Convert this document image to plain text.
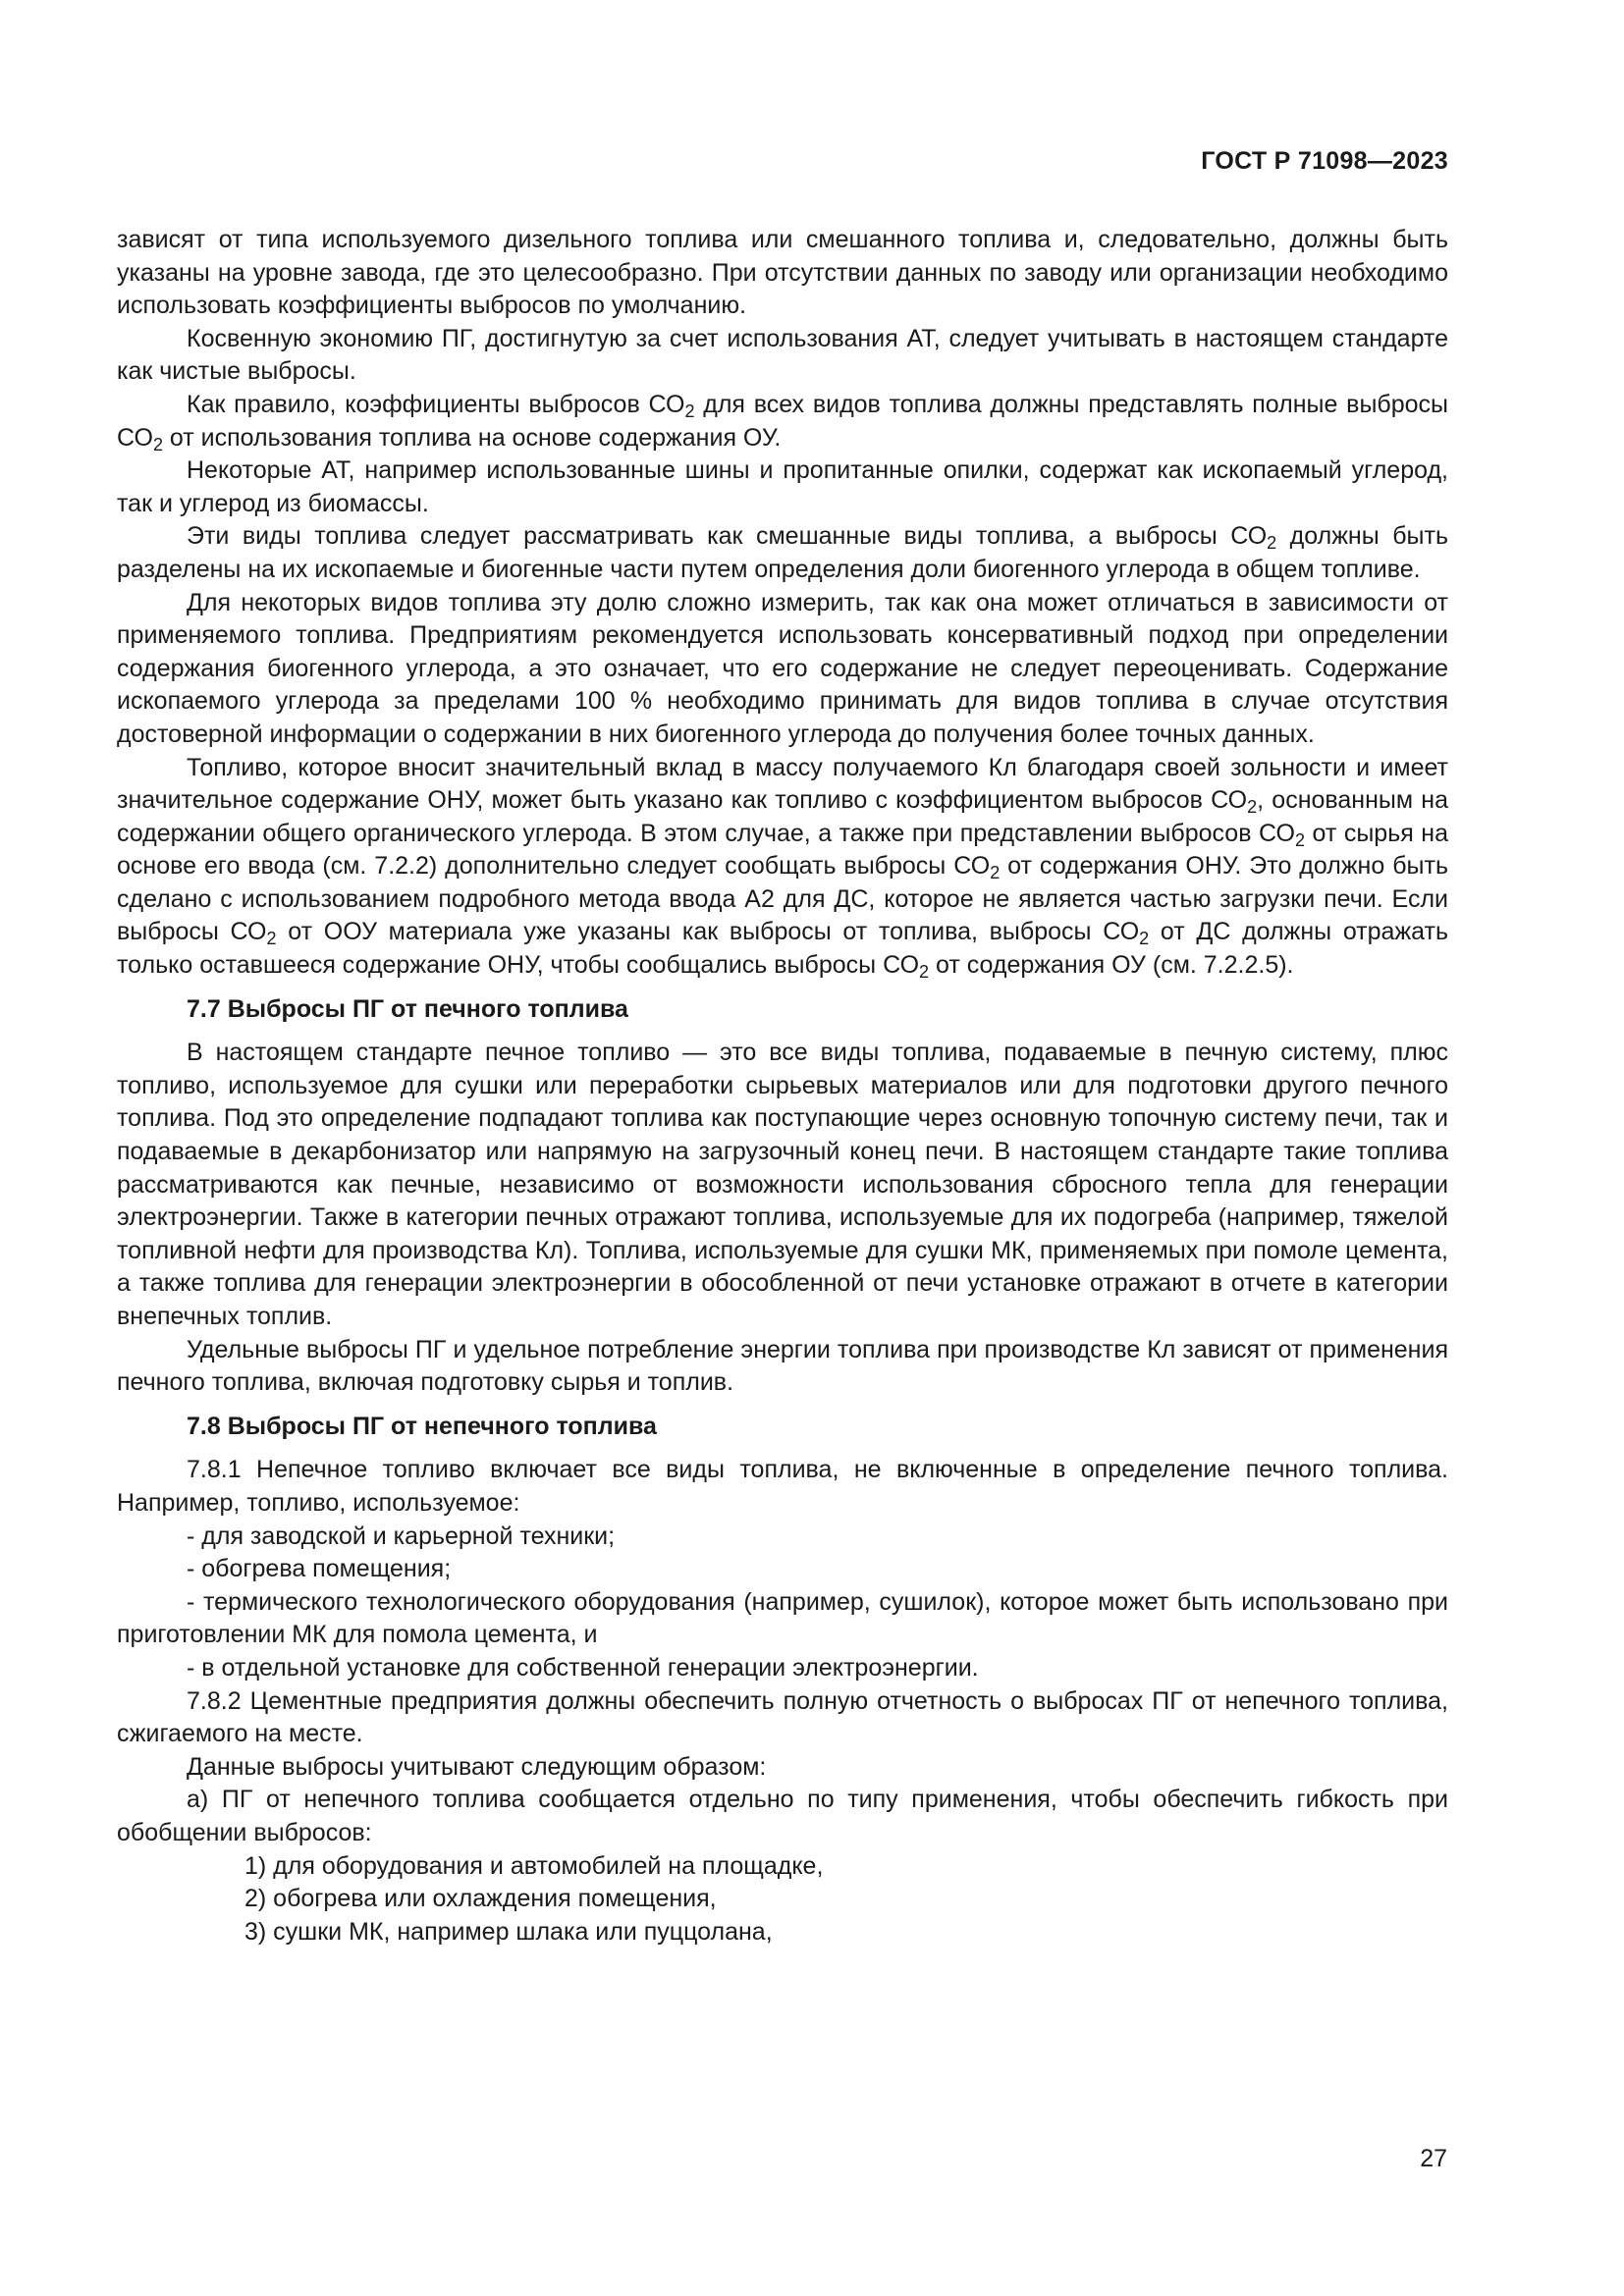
ГОСТ Р 71098—2023

зависят от типа используемого дизельного топлива или смешанного топлива и, следовательно, должны быть указаны на уровне завода, где это целесообразно. При отсутствии данных по заводу или организации необходимо использовать коэффициенты выбросов по умолчанию.

Косвенную экономию ПГ, достигнутую за счет использования АТ, следует учитывать в настоящем стандарте как чистые выбросы.

Как правило, коэффициенты выбросов $СО_2$ для всех видов топлива должны представлять полные выбросы $СО_2$ от использования топлива на основе содержания ОУ.

Некоторые АТ, например использованные шины и пропитанные опилки, содержат как ископаемый углерод, так и углерод из биомассы.

Эти виды топлива следует рассматривать как смешанные виды топлива, а выбросы $СО_2$ должны быть разделены на их ископаемые и биогенные части путем определения доли биогенного углерода в общем топливе.

Для некоторых видов топлива эту долю сложно измерить, так как она может отличаться в зависимости от применяемого топлива. Предприятиям рекомендуется использовать консервативный подход при определении содержания биогенного углерода, а это означает, что его содержание не следует переоценивать. Содержание ископаемого углерода за пределами 100 % необходимо принимать для видов топлива в случае отсутствия достоверной информации о содержании в них биогенного углерода до получения более точных данных.

Топливо, которое вносит значительный вклад в массу получаемого Кл благодаря своей зольности и имеет значительное содержание ОНУ, может быть указано как топливо с коэффициентом выбросов $СО_2$, основанным на содержании общего органического углерода. В этом случае, а также при представлении выбросов $СО_2$ от сырья на основе его ввода (см. 7.2.2) дополнительно следует сообщать выбросы $СО_2$ от содержания ОНУ. Это должно быть сделано с использованием подробного метода ввода А2 для ДС, которое не является частью загрузки печи. Если выбросы $СО_2$ от ООУ материала уже указаны как выбросы от топлива, выбросы $СО_2$ от ДС должны отражать только оставшееся содержание ОНУ, чтобы сообщались выбросы $СО_2$ от содержания ОУ (см. 7.2.2.5).

7.7 Выбросы ПГ от печного топлива

В настоящем стандарте печное топливо — это все виды топлива, подаваемые в печную систему, плюс топливо, используемое для сушки или переработки сырьевых материалов или для подготовки другого печного топлива. Под это определение подпадают топлива как поступающие через основную топочную систему печи, так и подаваемые в декарбонизатор или напрямую на загрузочный конец печи. В настоящем стандарте такие топлива рассматриваются как печные, независимо от возможности использования сбросного тепла для генерации электроэнергии. Также в категории печных отражают топлива, используемые для их подогреба (например, тяжелой топливной нефти для производства Кл). Топлива, используемые для сушки МК, применяемых при помоле цемента, а также топлива для генерации электроэнергии в обособленной от печи установке отражают в отчете в категории внепечных топлив.

Удельные выбросы ПГ и удельное потребление энергии топлива при производстве Кл зависят от применения печного топлива, включая подготовку сырья и топлив.

7.8 Выбросы ПГ от непечного топлива

7.8.1 Непечное топливо включает все виды топлива, не включенные в определение печного топлива. Например, топливо, используемое:

- для заводской и карьерной техники;

- обогрева помещения;

- термического технологического оборудования (например, сушилок), которое может быть использовано при приготовлении МК для помола цемента, и

- в отдельной установке для собственной генерации электроэнергии.

7.8.2 Цементные предприятия должны обеспечить полную отчетность о выбросах ПГ от непечного топлива, сжигаемого на месте.

Данные выбросы учитывают следующим образом:

а) ПГ от непечного топлива сообщается отдельно по типу применения, чтобы обеспечить гибкость при обобщении выбросов:

1) для оборудования и автомобилей на площадке,

2) обогрева или охлаждения помещения,

3) сушки МК, например шлака или пуццолана,

27
